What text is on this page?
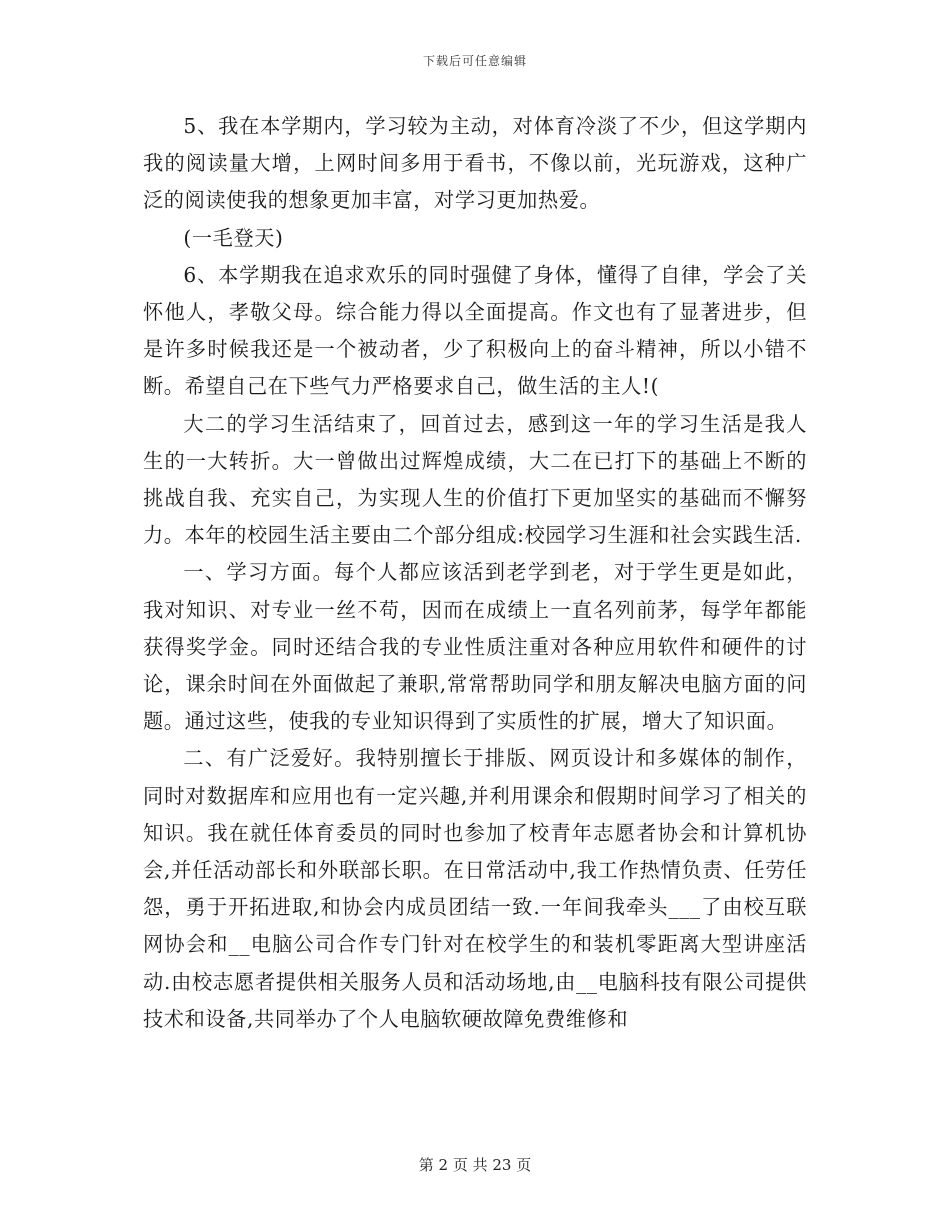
下载后可任意编辑

5、我在本学期内，学习较为主动，对体育冷淡了不少，但这学期内我的阅读量大增，上网时间多用于看书，不像以前，光玩游戏，这种广泛的阅读使我的想象更加丰富，对学习更加热爱。

(一毛登天)

6、本学期我在追求欢乐的同时强健了身体，懂得了自律，学会了关怀他人，孝敬父母。综合能力得以全面提高。作文也有了显著进步，但是许多时候我还是一个被动者，少了积极向上的奋斗精神，所以小错不断。希望自己在下些气力严格要求自己，做生活的主人!(

大二的学习生活结束了，回首过去，感到这一年的学习生活是我人生的一大转折。大一曾做出过辉煌成绩，大二在已打下的基础上不断的挑战自我、充实自己，为实现人生的价值打下更加坚实的基础而不懈努力。本年的校园生活主要由二个部分组成:校园学习生涯和社会实践生活.

一、学习方面。每个人都应该活到老学到老，对于学生更是如此，我对知识、对专业一丝不苟，因而在成绩上一直名列前茅，每学年都能获得奖学金。同时还结合我的专业性质注重对各种应用软件和硬件的讨论，课余时间在外面做起了兼职,常常帮助同学和朋友解决电脑方面的问题。通过这些，使我的专业知识得到了实质性的扩展，增大了知识面。

二、有广泛爱好。我特别擅长于排版、网页设计和多媒体的制作，同时对数据库和应用也有一定兴趣,并利用课余和假期时间学习了相关的知识。我在就任体育委员的同时也参加了校青年志愿者协会和计算机协会,并任活动部长和外联部长职。在日常活动中,我工作热情负责、任劳任怨，勇于开拓进取,和协会内成员团结一致.一年间我牵头___了由校互联网协会和__电脑公司合作专门针对在校学生的和装机零距离大型讲座活动.由校志愿者提供相关服务人员和活动场地,由__电脑科技有限公司提供技术和设备,共同举办了个人电脑软硬故障免费维修和

第 2 页 共 23 页
